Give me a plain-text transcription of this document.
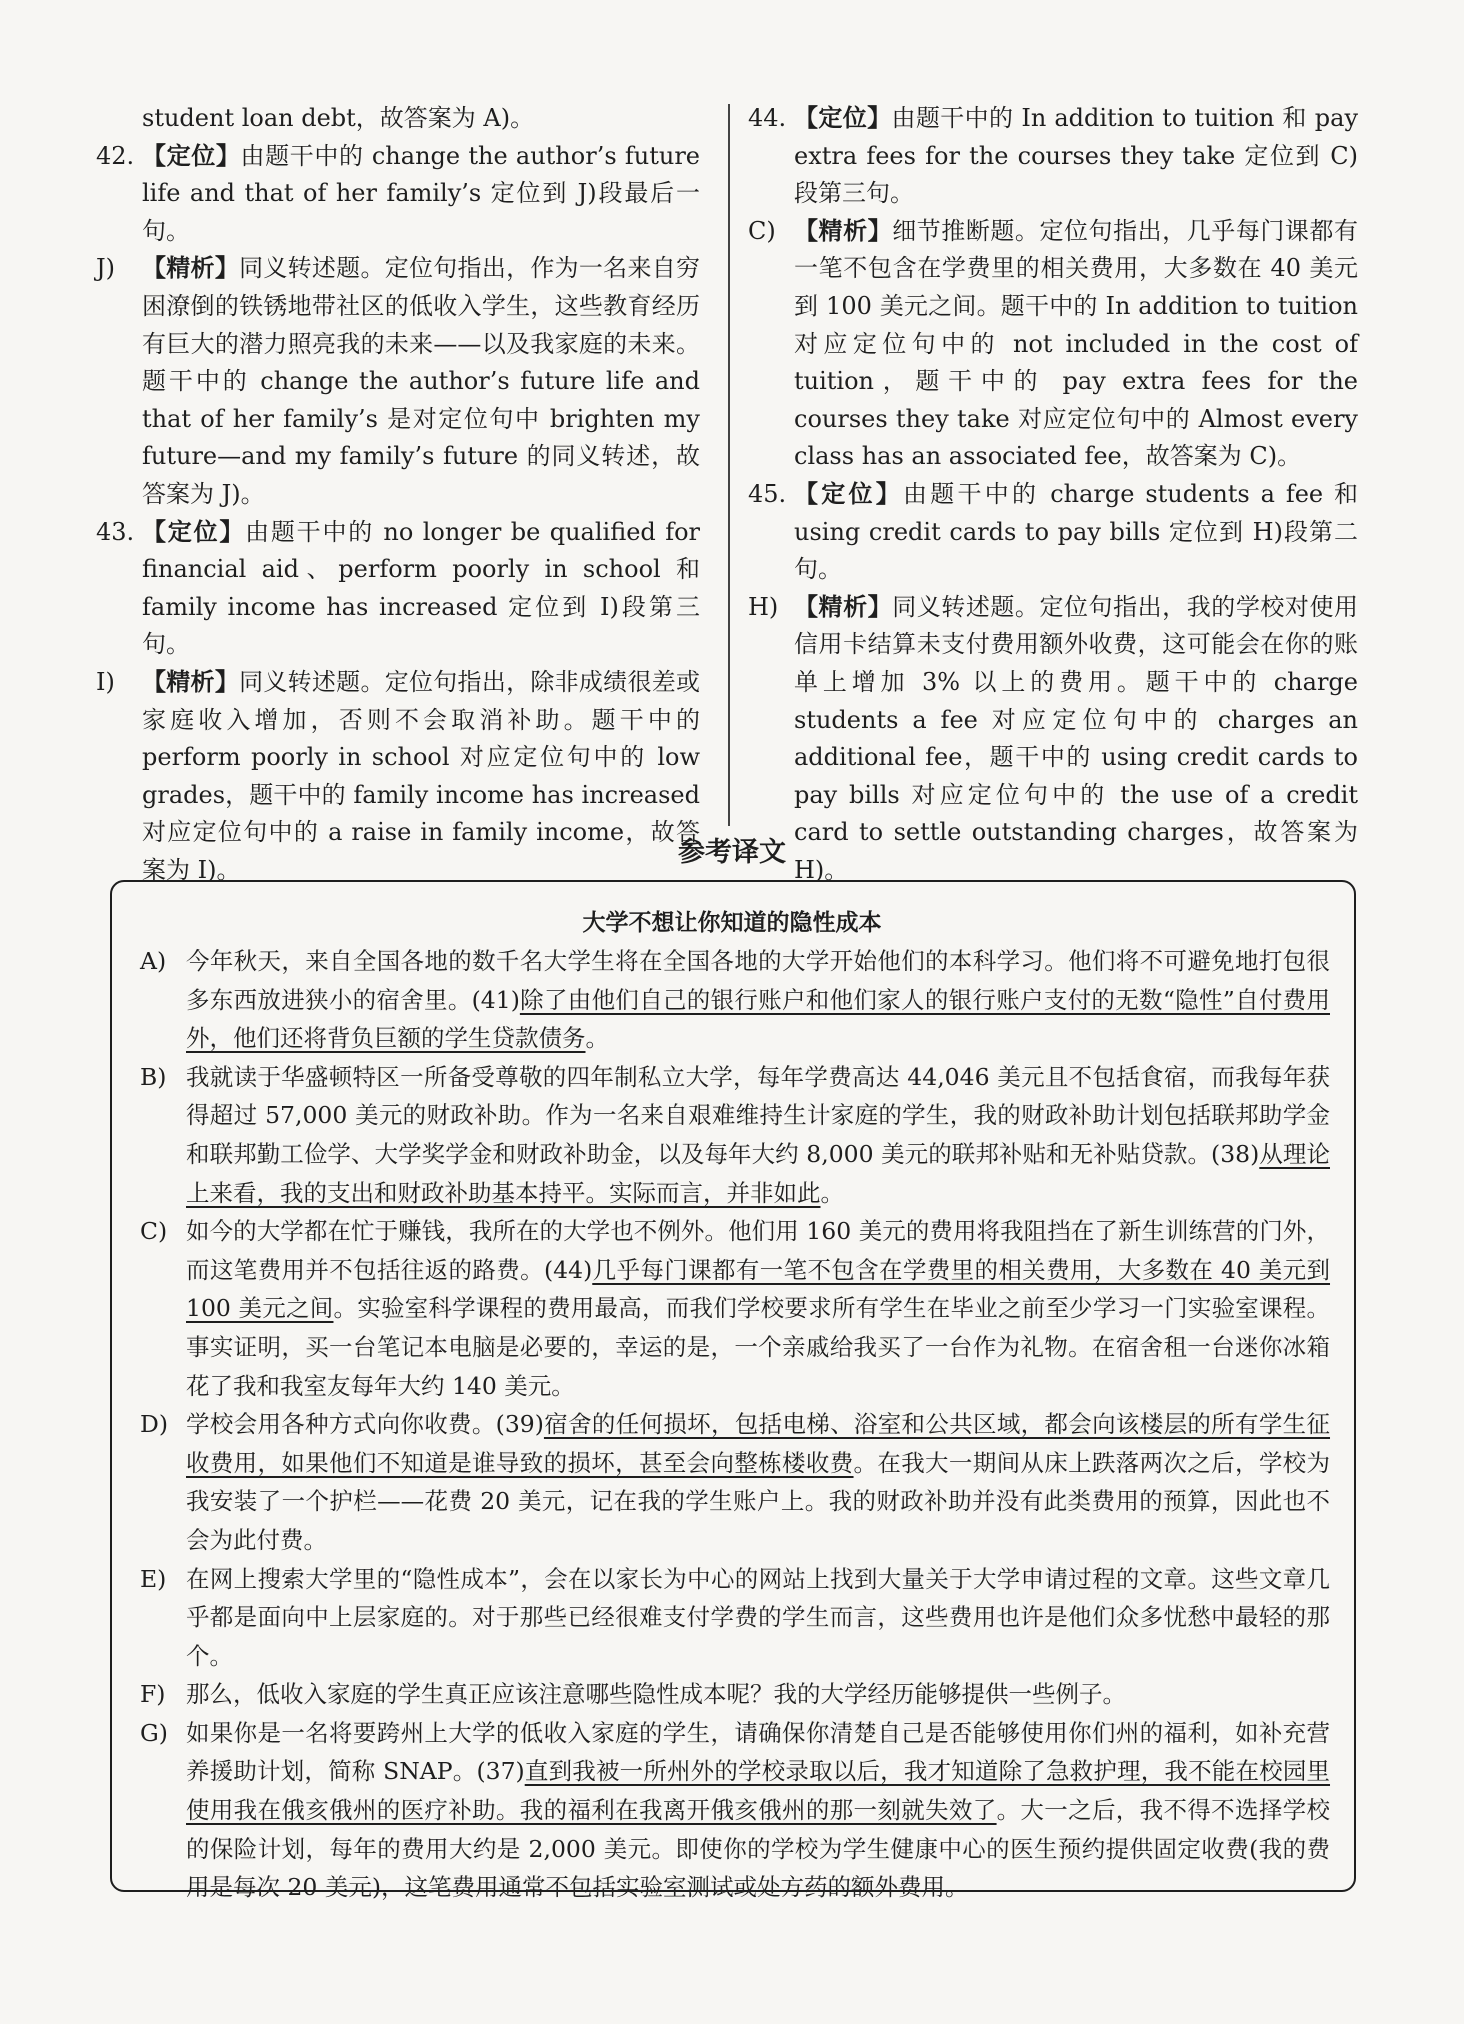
student loan debt，故答案为 A)。
42. 【定位】由题干中的 change the author’s future life and that of her family’s 定位到 J)段最后一句。
J) 【精析】同义转述题。定位句指出，作为一名来自穷困潦倒的铁锈地带社区的低收入学生，这些教育经历有巨大的潜力照亮我的未来——以及我家庭的未来。题干中的 change the author’s future life and that of her family’s 是对定位句中 brighten my future—and my family’s future 的同义转述，故答案为 J)。
43. 【定位】由题干中的 no longer be qualified for financial aid、perform poorly in school 和 family income has increased 定位到 I)段第三句。
I) 【精析】同义转述题。定位句指出，除非成绩很差或家庭收入增加，否则不会取消补助。题干中的 perform poorly in school 对应定位句中的 low grades，题干中的 family income has increased 对应定位句中的 a raise in family income，故答案为 I)。
44. 【定位】由题干中的 In addition to tuition 和 pay extra fees for the courses they take 定位到 C)段第三句。
C) 【精析】细节推断题。定位句指出，几乎每门课都有一笔不包含在学费里的相关费用，大多数在 40 美元到 100 美元之间。题干中的 In addition to tuition 对应定位句中的 not included in the cost of tuition，题干中的 pay extra fees for the courses they take 对应定位句中的 Almost every class has an associated fee，故答案为 C)。
45. 【定位】由题干中的 charge students a fee 和 using credit cards to pay bills 定位到 H)段第二句。
H) 【精析】同义转述题。定位句指出，我的学校对使用信用卡结算未支付费用额外收费，这可能会在你的账单上增加 3% 以上的费用。题干中的 charge students a fee 对应定位句中的 charges an additional fee，题干中的 using credit cards to pay bills 对应定位句中的 the use of a credit card to settle outstanding charges，故答案为 H)。
参考译文
大学不想让你知道的隐性成本
A) 今年秋天，来自全国各地的数千名大学生将在全国各地的大学开始他们的本科学习。他们将不可避免地打包很多东西放进狭小的宿舍里。(41)除了由他们自己的银行账户和他们家人的银行账户支付的无数“隐性”自付费用外，他们还将背负巨额的学生贷款债务。
B) 我就读于华盛顿特区一所备受尊敬的四年制私立大学，每年学费高达 44,046 美元且不包括食宿，而我每年获得超过 57,000 美元的财政补助。作为一名来自艰难维持生计家庭的学生，我的财政补助计划包括联邦助学金和联邦勤工俭学、大学奖学金和财政补助金，以及每年大约 8,000 美元的联邦补贴和无补贴贷款。(38)从理论上来看，我的支出和财政补助基本持平。实际而言，并非如此。
C) 如今的大学都在忙于赚钱，我所在的大学也不例外。他们用 160 美元的费用将我阻挡在了新生训练营的门外，而这笔费用并不包括往返的路费。(44)几乎每门课都有一笔不包含在学费里的相关费用，大多数在 40 美元到 100 美元之间。实验室科学课程的费用最高，而我们学校要求所有学生在毕业之前至少学习一门实验室课程。事实证明，买一台笔记本电脑是必要的，幸运的是，一个亲戚给我买了一台作为礼物。在宿舍租一台迷你冰箱花了我和我室友每年大约 140 美元。
D) 学校会用各种方式向你收费。(39)宿舍的任何损坏，包括电梯、浴室和公共区域，都会向该楼层的所有学生征收费用，如果他们不知道是谁导致的损坏，甚至会向整栋楼收费。在我大一期间从床上跌落两次之后，学校为我安装了一个护栏——花费 20 美元，记在我的学生账户上。我的财政补助并没有此类费用的预算，因此也不会为此付费。
E) 在网上搜索大学里的“隐性成本”，会在以家长为中心的网站上找到大量关于大学申请过程的文章。这些文章几乎都是面向中上层家庭的。对于那些已经很难支付学费的学生而言，这些费用也许是他们众多忧愁中最轻的那个。
F) 那么，低收入家庭的学生真正应该注意哪些隐性成本呢？我的大学经历能够提供一些例子。
G) 如果你是一名将要跨州上大学的低收入家庭的学生，请确保你清楚自己是否能够使用你们州的福利，如补充营养援助计划，简称 SNAP。(37)直到我被一所州外的学校录取以后，我才知道除了急救护理，我不能在校园里使用我在俄亥俄州的医疗补助。我的福利在我离开俄亥俄州的那一刻就失效了。大一之后，我不得不选择学校的保险计划，每年的费用大约是 2,000 美元。即使你的学校为学生健康中心的医生预约提供固定收费(我的费用是每次 20 美元)，这笔费用通常不包括实验室测试或处方药的额外费用。
